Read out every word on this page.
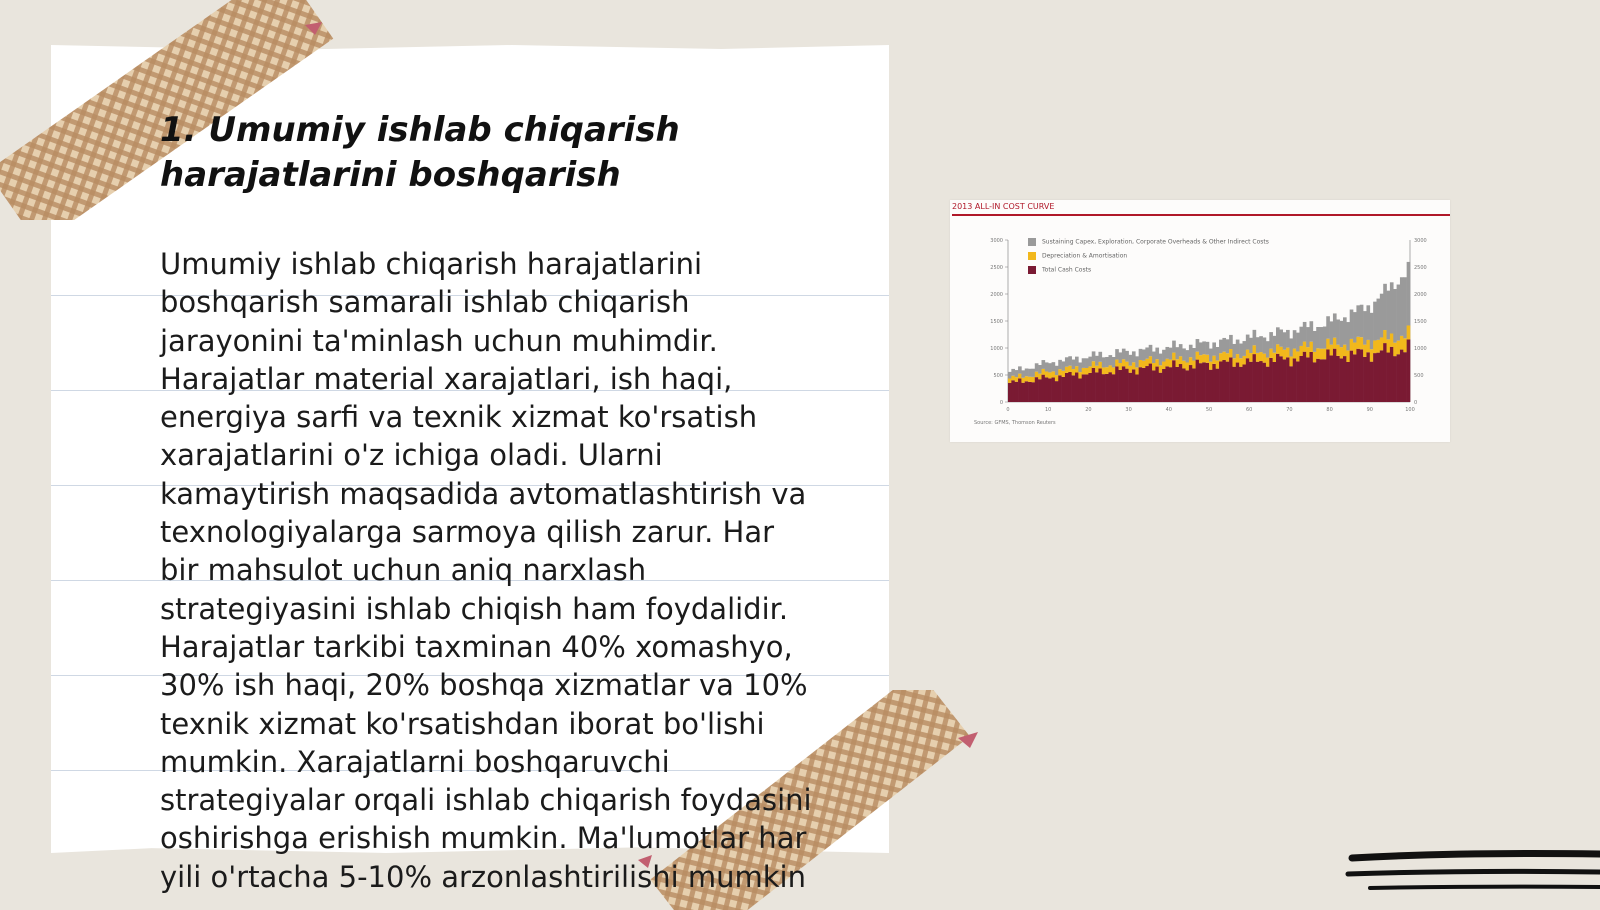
1. Umumiy ishlab chiqarish harajatlarini boshqarish

Umumiy ishlab chiqarish harajatlarini
boshqarish samarali ishlab chiqarish
jarayonini ta'minlash uchun muhimdir.
Harajatlar material xarajatlari, ish haqi,
energiya sarfi va texnik xizmat ko'rsatish
xarajatlarini o'z ichiga oladi. Ularni
kamaytirish maqsadida avtomatlashtirish va
texnologiyalarga sarmoya qilish zarur. Har
bir mahsulot uchun aniq narxlash
strategiyasini ishlab chiqish ham foydalidir.
Harajatlar tarkibi taxminan 40% xomashyo,
30% ish haqi, 20% boshqa xizmatlar va 10%
texnik xizmat ko'rsatishdan iborat bo'lishi
mumkin. Xarajatlarni boshqaruvchi
strategiyalar orqali ishlab chiqarish foydasini
oshirishga erishish mumkin. Ma'lumotlar har
yili o'rtacha 5-10% arzonlashtirilishi mumkin

2013 ALL-IN COST CURVE
0	0
500	500
1000	1000
1500	1500
2000	2000
2500	2500
3000	3000
0	10	20	30	40	50	60	70	80	90	100
Sustaining Capex, Exploration, Corporate Overheads & Other Indirect Costs
Depreciation & Amortisation
Total Cash Costs
Source: GFMS, Thomson Reuters
